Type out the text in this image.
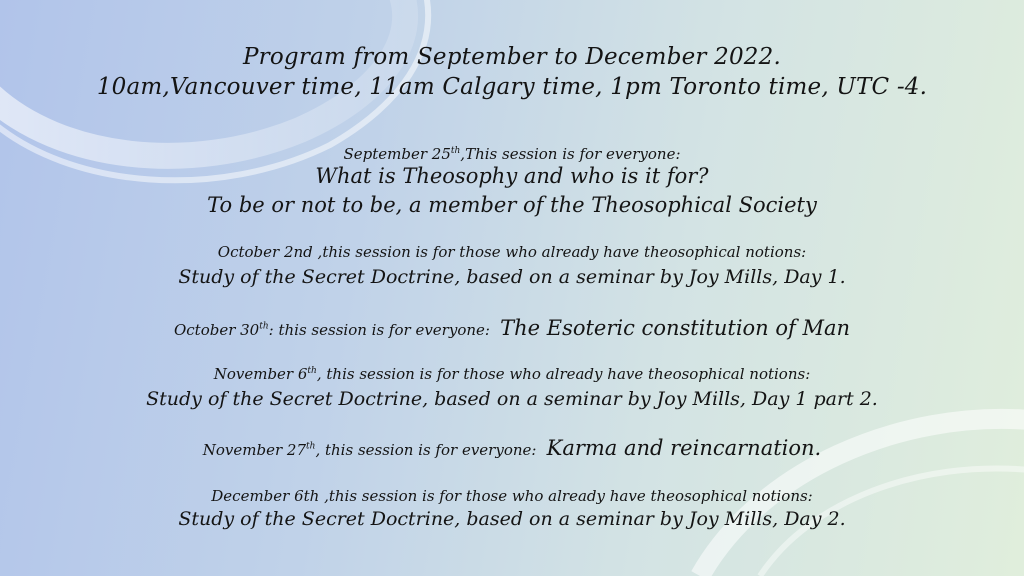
Program from September to December 2022.
10am,Vancouver time, 11am Calgary time, 1pm Toronto time, UTC -4.
September 25th,This session is for everyone:
What is Theosophy and who is it for?
To be or not to be, a member of the Theosophical Society
October 2nd ,this session is for those who already have theosophical notions:
Study of the Secret Doctrine, based on a seminar by Joy Mills, Day 1.
October 30th: this session is for everyone: The Esoteric constitution of Man
November 6th, this session is for those who already have theosophical notions:
Study of the Secret Doctrine, based on a seminar by Joy Mills, Day 1 part 2.
November 27th, this session is for everyone: Karma and reincarnation.
December 6th ,this session is for those who already have theosophical notions:
Study of the Secret Doctrine, based on a seminar by Joy Mills, Day 2.
